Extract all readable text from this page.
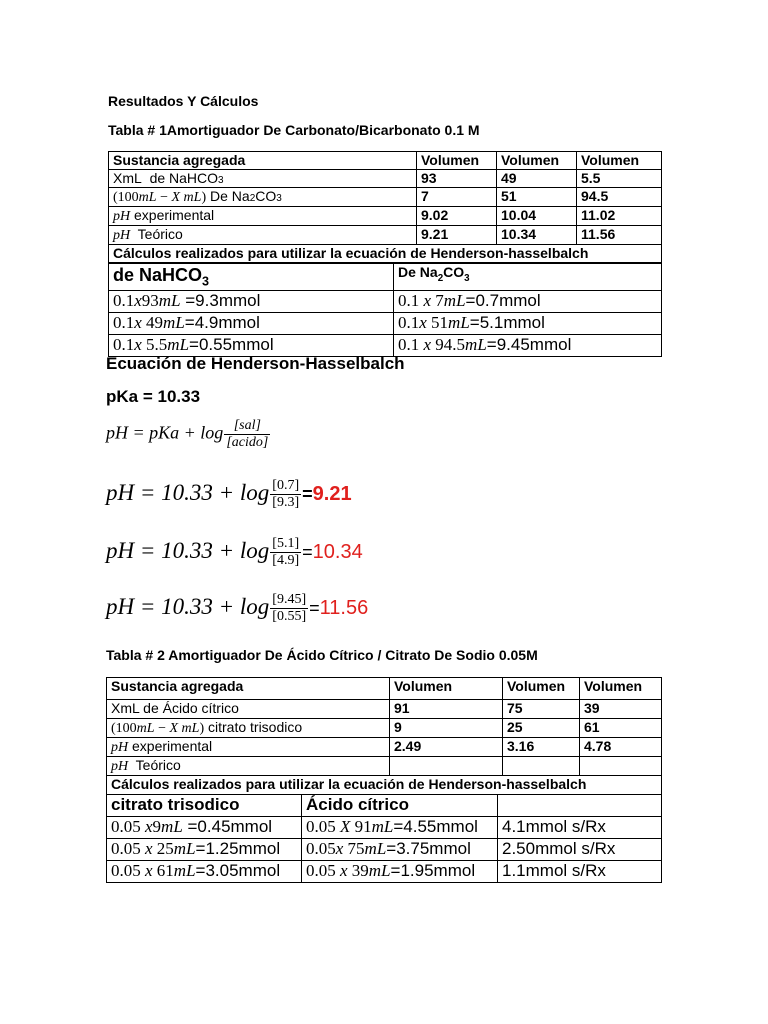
Resultados Y Cálculos
Tabla # 1Amortiguador De Carbonato/Bicarbonato 0.1 M
Sustancia agregada	Volumen	Volumen	Volumen
XmL  de NaHCO3	93	49	5.5
(100mL − X mL) De Na2CO3	7	51	94.5
pH experimental	9.02	10.04	11.02
pH  Teórico	9.21	10.34	11.56
Cálculos realizados para utilizar la ecuación de Henderson-hasselbalch			
de NaHCO$_3$	De $Na_2CO_3$
0.1x93mL =9.3mmol	0.1 x 7mL=0.7mmol
0.1x 49mL=4.9mmol	0.1x 51mL=5.1mmol
0.1x 5.5mL=0.55mmol	0.1 x 94.5mL=9.45mmol
Ecuación de Henderson-Hasselbalch
pKa = 10.33
pH = pKa + $\log \frac{\text{[sal]}}{\text{[acido]}}$
pH = $10.33 + \log \frac{[0.7]}{[9.3]} =9.21$
pH = $10.33 + \log \frac{[5.1]}{[4.9]} =10.34$
pH = $10.33 + \log \frac{[9.45]}{[0.55]} =11.56$
Tabla # 2 Amortiguador De Ácido Cítrico / Citrato De Sodio 0.05M
Sustancia agregada	Volumen	Volumen	Volumen
XmL de Ácido cítrico	91	75	39
(100mL − X mL) citrato trisodico	9	25	61
pH experimental	2.49	3.16	4.78
pH  Teórico			
Cálculos realizados para utilizar la ecuación de Henderson-hasselbalch			
citrato trisodico	Ácido cítrico	
0.05 x9mL =0.45mmol	0.05 X 91mL=4.55mmol	4.1mmol s/Rx
0.05 x 25mL=1.25mmol	0.05x 75mL=3.75mmol	2.50mmol s/Rx
0.05 x 61mL=3.05mmol	0.05 x 39mL=1.95mmol	1.1mmol s/Rx
